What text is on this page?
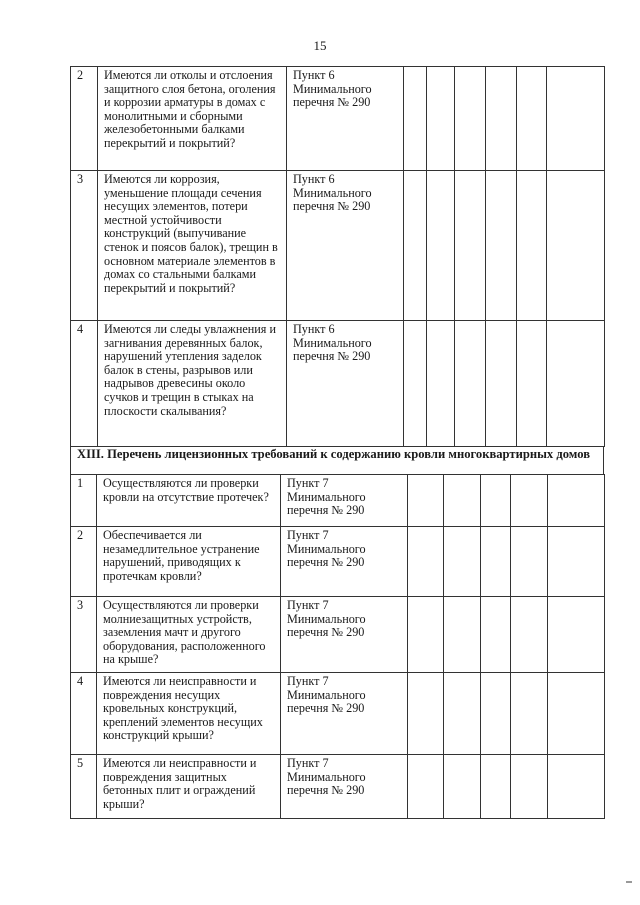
15
2	Имеются ли отколы и отслоения защитного слоя бетона, оголения и коррозии арматуры в домах с монолитными и сборными железобетонными балками перекрытий и покрытий?	Пункт 6 Минимального перечня № 290						
3	Имеются ли коррозия, уменьшение площади сечения несущих элементов, потери местной устойчивости конструкций (выпучивание стенок и поясов балок), трещин в основном материале элементов в домах со стальными балками перекрытий и покрытий?	Пункт 6 Минимального перечня № 290						
4	Имеются ли следы увлажнения и загнивания деревянных балок, нарушений утепления заделок балок в стены, разрывов или надрывов древесины около сучков и трещин в стыках на плоскости скалывания?	Пункт 6 Минимального перечня № 290						
XIII. Перечень лицензионных требований к содержанию кровли многоквартирных домов
1	Осуществляются ли проверки кровли на отсутствие протечек?	Пункт 7 Минимального перечня № 290					
2	Обеспечивается ли незамедлительное устранение нарушений, приводящих к протечкам кровли?	Пункт 7 Минимального перечня № 290					
3	Осуществляются ли проверки молниезащитных устройств, заземления мачт и другого оборудования, расположенного на крыше?	Пункт 7 Минимального перечня № 290					
4	Имеются ли неисправности и повреждения несущих кровельных конструкций, креплений элементов несущих конструкций крыши?	Пункт 7 Минимального перечня № 290					
5	Имеются ли неисправности и повреждения защитных бетонных плит и ограждений крыши?	Пункт 7 Минимального перечня № 290					
